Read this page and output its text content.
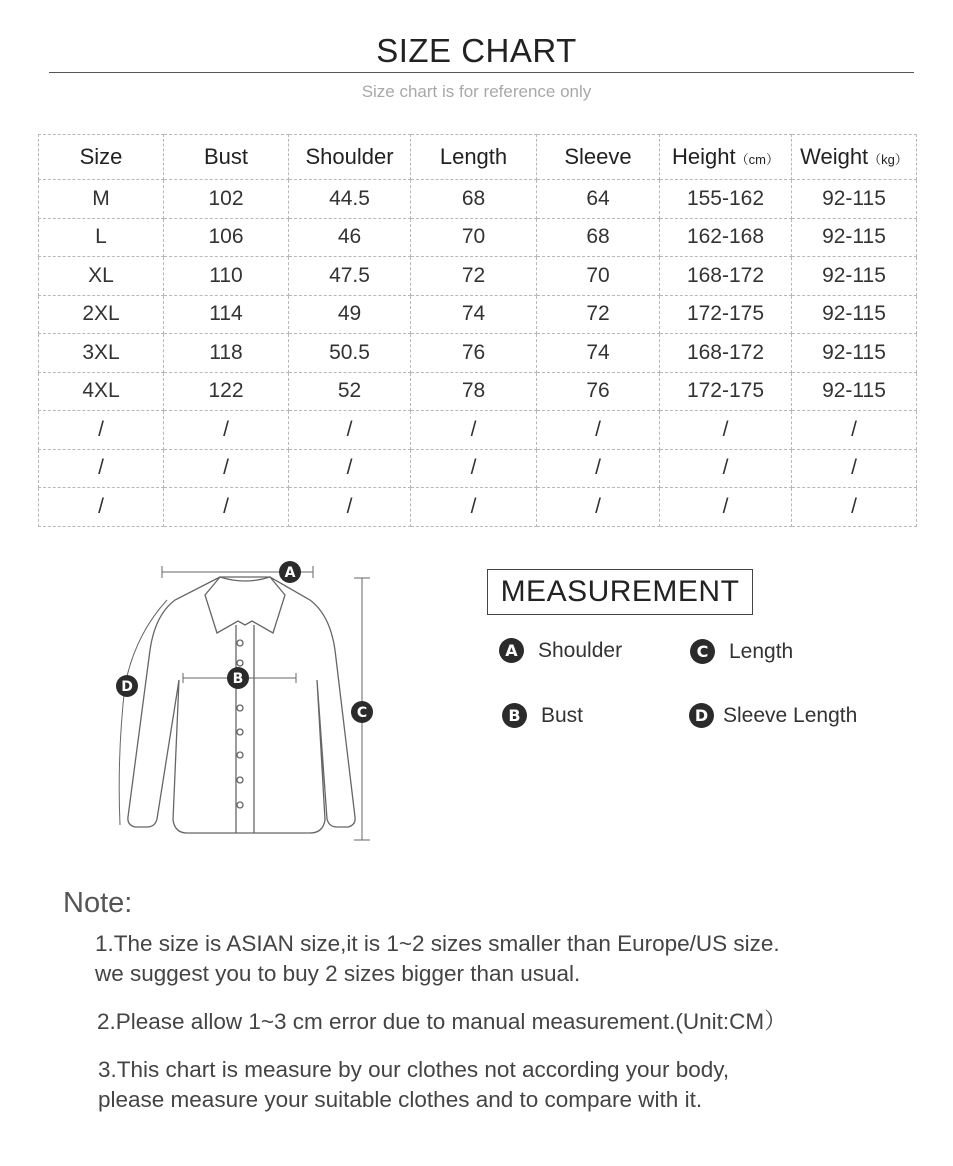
SIZE CHART
Size chart is for reference only
Size	Bust	Shoulder	Length	Sleeve	Height（cm）	Weight（kg）
M	102	44.5	68	64	155-162	92-115
L	106	46	70	68	162-168	92-115
XL	110	47.5	72	70	168-172	92-115
2XL	114	49	74	72	172-175	92-115
3XL	118	50.5	76	74	168-172	92-115
4XL	122	52	78	76	172-175	92-115
/	/	/	/	/	/	/
/	/	/	/	/	/	/
/	/	/	/	/	/	/
A
B
C
D
MEASUREMENT
A Shoulder	C Length
B Bust	D Sleeve Length
Note:
1.The size is ASIAN size,it is 1~2 sizes smaller than Europe/US size.
we suggest you to buy 2 sizes bigger than usual.
2.Please allow 1~3 cm error due to manual measurement.(Unit:CM）
3.This chart is measure by our clothes not according your body,
please measure your suitable clothes and to compare with it.
